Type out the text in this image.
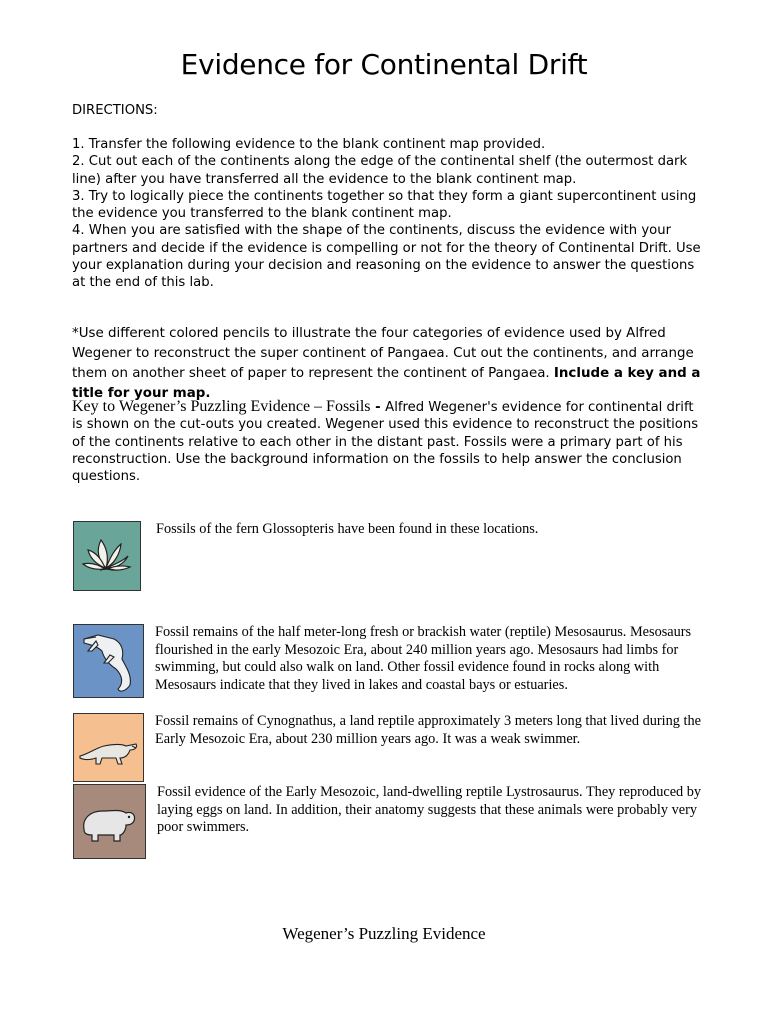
Evidence for Continental Drift
DIRECTIONS:

1. Transfer the following evidence to the blank continent map provided.

2. Cut out each of the continents along the edge of the continental shelf (the outermost dark line) after you have transferred all the evidence to the blank continent map.

3. Try to logically piece the continents together so that they form a giant supercontinent using the evidence you transferred to the blank continent map.

4. When you are satisfied with the shape of the continents, discuss the evidence with your partners and decide if the evidence is compelling or not for the theory of Continental Drift. Use your explanation during your decision and reasoning on the evidence to answer the questions at the end of this lab.

*Use different colored pencils to illustrate the four categories of evidence used by Alfred Wegener to reconstruct the super continent of Pangaea. Cut out the continents, and arrange them on another sheet of paper to represent the continent of Pangaea. Include a key and a title for your map.
Key to Wegener’s Puzzling Evidence – Fossils - Alfred Wegener's evidence for continental drift is shown on the cut-outs you created. Wegener used this evidence to reconstruct the positions of the continents relative to each other in the distant past. Fossils were a primary part of his reconstruction. Use the background information on the fossils to help answer the conclusion questions.
Fossils of the fern Glossopteris have been found in these locations.
Fossil remains of the half meter-long fresh or brackish water (reptile) Mesosaurus. Mesosaurs flourished in the early Mesozoic Era, about 240 million years ago. Mesosaurs had limbs for swimming, but could also walk on land. Other fossil evidence found in rocks along with Mesosaurs indicate that they lived in lakes and coastal bays or estuaries.
Fossil remains of Cynognathus, a land reptile approximately 3 meters long that lived during the Early Mesozoic Era, about 230 million years ago. It was a weak swimmer.
Fossil evidence of the Early Mesozoic, land-dwelling reptile Lystrosaurus. They reproduced by laying eggs on land. In addition, their anatomy suggests that these animals were probably very poor swimmers.
Wegener’s Puzzling Evidence
